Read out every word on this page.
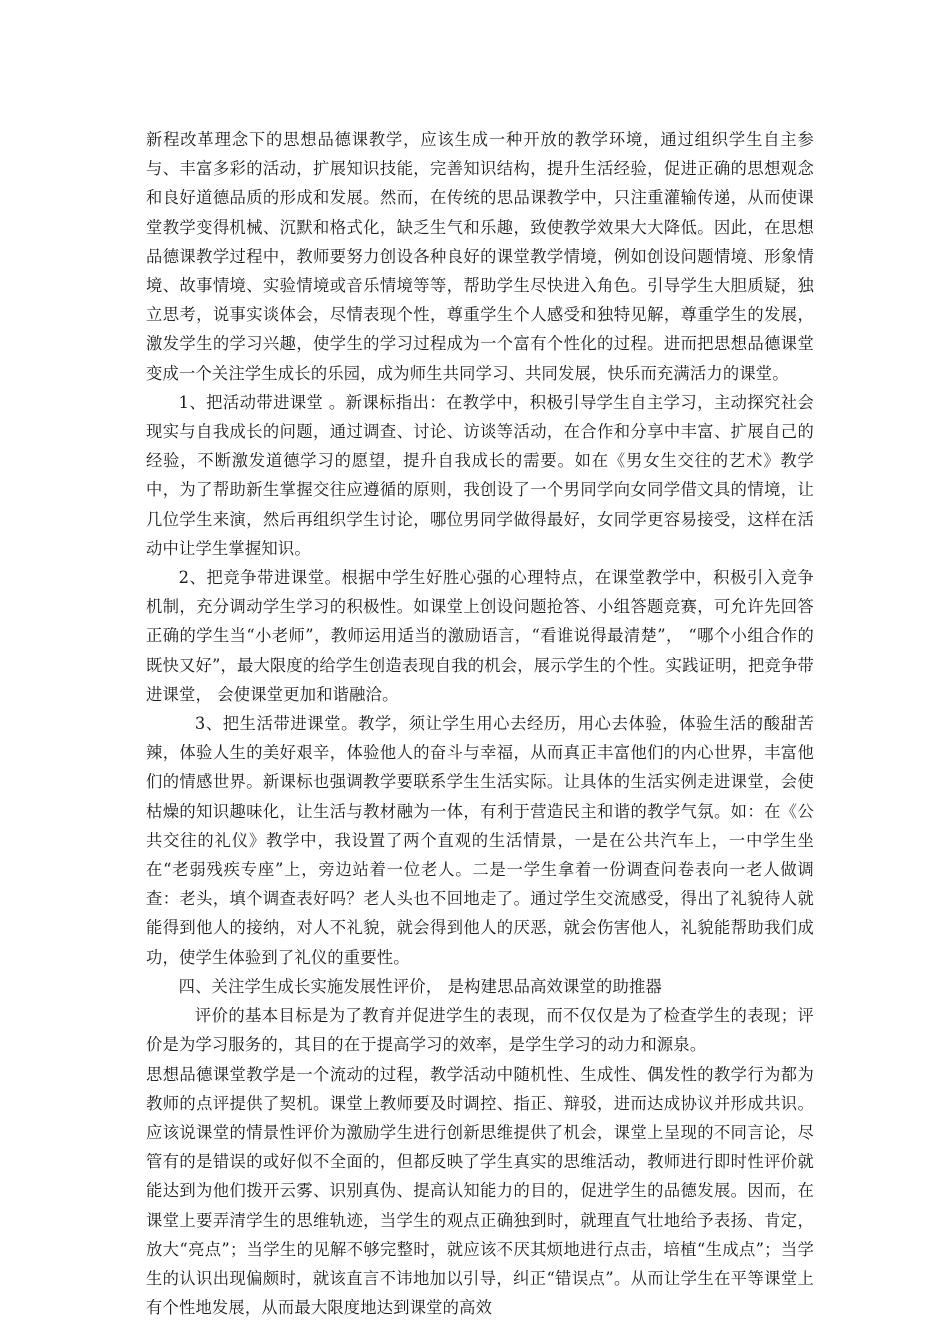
新程改革理念下的思想品德课教学，应该生成一种开放的教学环境，通过组织学生自主参与、丰富多彩的活动，扩展知识技能，完善知识结构，提升生活经验，促进正确的思想观念和良好道德品质的形成和发展。然而，在传统的思品课教学中，只注重灌输传递，从而使课堂教学变得机械、沉默和格式化，缺乏生气和乐趣，致使教学效果大大降低。因此，在思想品德课教学过程中，教师要努力创设各种良好的课堂教学情境，例如创设问题情境、形象情境、故事情境、实验情境或音乐情境等等，帮助学生尽快进入角色。引导学生大胆质疑，独立思考，说事实谈体会，尽情表现个性，尊重学生个人感受和独特见解，尊重学生的发展，激发学生的学习兴趣，使学生的学习过程成为一个富有个性化的过程。进而把思想品德课堂变成一个关注学生成长的乐园，成为师生共同学习、共同发展，快乐而充满活力的课堂。

1、把活动带进课堂 。新课标指出：在教学中，积极引导学生自主学习，主动探究社会现实与自我成长的问题，通过调查、讨论、访谈等活动，在合作和分享中丰富、扩展自己的经验，不断激发道德学习的愿望，提升自我成长的需要。如在《男女生交往的艺术》教学中，为了帮助新生掌握交往应遵循的原则，我创设了一个男同学向女同学借文具的情境，让几位学生来演，然后再组织学生讨论，哪位男同学做得最好，女同学更容易接受，这样在活动中让学生掌握知识。

2、把竞争带进课堂。根据中学生好胜心强的心理特点，在课堂教学中，积极引入竞争机制，充分调动学生学习的积极性。如课堂上创设问题抢答、小组答题竞赛，可允许先回答正确的学生当“小老师”，教师运用适当的激励语言，“看谁说得最清楚”， “哪个小组合作的既快又好”，最大限度的给学生创造表现自我的机会，展示学生的个性。实践证明，把竞争带进课堂， 会使课堂更加和谐融洽。

3、把生活带进课堂。教学，须让学生用心去经历，用心去体验，体验生活的酸甜苦辣，体验人生的美好艰辛，体验他人的奋斗与幸福，从而真正丰富他们的内心世界，丰富他们的情感世界。新课标也强调教学要联系学生生活实际。让具体的生活实例走进课堂，会使枯燥的知识趣味化，让生活与教材融为一体，有利于营造民主和谐的教学气氛。如：在《公共交往的礼仪》教学中，我设置了两个直观的生活情景，一是在公共汽车上，一中学生坐在“老弱残疾专座”上，旁边站着一位老人。二是一学生拿着一份调查问卷表向一老人做调查：老头，填个调查表好吗？老人头也不回地走了。通过学生交流感受，得出了礼貌待人就能得到他人的接纳，对人不礼貌，就会得到他人的厌恶，就会伤害他人，礼貌能帮助我们成功，使学生体验到了礼仪的重要性。

四、关注学生成长实施发展性评价， 是构建思品高效课堂的助推器

评价的基本目标是为了教育并促进学生的表现，而不仅仅是为了检查学生的表现；评价是为学习服务的，其目的在于提高学习的效率，是学生学习的动力和源泉。

思想品德课堂教学是一个流动的过程，教学活动中随机性、生成性、偶发性的教学行为都为教师的点评提供了契机。课堂上教师要及时调控、指正、辩驳，进而达成协议并形成共识。应该说课堂的情景性评价为激励学生进行创新思维提供了机会，课堂上呈现的不同言论，尽管有的是错误的或好似不全面的，但都反映了学生真实的思维活动，教师进行即时性评价就能达到为他们拨开云雾、识别真伪、提高认知能力的目的，促进学生的品德发展。因而，在课堂上要弄清学生的思维轨迹，当学生的观点正确独到时，就理直气壮地给予表扬、肯定，放大“亮点”；当学生的见解不够完整时，就应该不厌其烦地进行点击，培植“生成点”；当学生的认识出现偏颇时，就该直言不讳地加以引导，纠正“错误点”。从而让学生在平等课堂上有个性地发展，从而最大限度地达到课堂的高效
